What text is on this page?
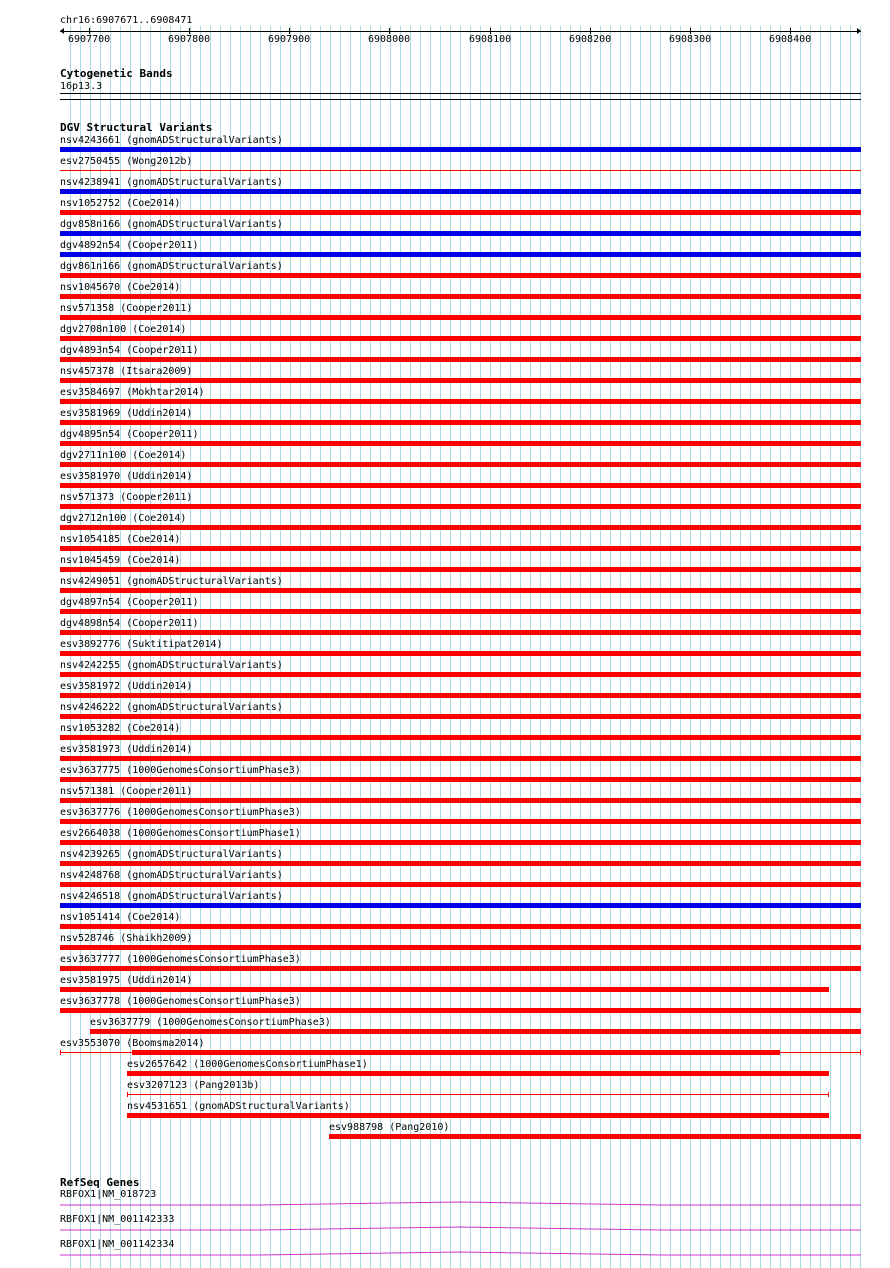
chr16:6907671..6908471
6907700	6907800	6907900	6908000	6908100	6908200	6908300	6908400
Cytogenetic Bands
16p13.3
DGV Structural Variants
nsv4243661 (gnomADStructuralVariants)
esv2750455 (Wong2012b)
nsv4238941 (gnomADStructuralVariants)
nsv1052752 (Coe2014)
dgv858n166 (gnomADStructuralVariants)
dgv4892n54 (Cooper2011)
dgv861n166 (gnomADStructuralVariants)
nsv1045670 (Coe2014)
nsv571358 (Cooper2011)
dgv2708n100 (Coe2014)
dgv4893n54 (Cooper2011)
nsv457378 (Itsara2009)
esv3584697 (Mokhtar2014)
esv3581969 (Uddin2014)
dgv4895n54 (Cooper2011)
dgv2711n100 (Coe2014)
esv3581970 (Uddin2014)
nsv571373 (Cooper2011)
dgv2712n100 (Coe2014)
nsv1054185 (Coe2014)
nsv1045459 (Coe2014)
nsv4249051 (gnomADStructuralVariants)
dgv4897n54 (Cooper2011)
dgv4898n54 (Cooper2011)
esv3892776 (Suktitipat2014)
nsv4242255 (gnomADStructuralVariants)
esv3581972 (Uddin2014)
nsv4246222 (gnomADStructuralVariants)
nsv1053282 (Coe2014)
esv3581973 (Uddin2014)
esv3637775 (1000GenomesConsortiumPhase3)
nsv571381 (Cooper2011)
esv3637776 (1000GenomesConsortiumPhase3)
esv2664038 (1000GenomesConsortiumPhase1)
nsv4239265 (gnomADStructuralVariants)
nsv4248768 (gnomADStructuralVariants)
nsv4246518 (gnomADStructuralVariants)
nsv1051414 (Coe2014)
nsv528746 (Shaikh2009)
esv3637777 (1000GenomesConsortiumPhase3)
esv3581975 (Uddin2014)
esv3637778 (1000GenomesConsortiumPhase3)
esv3637779 (1000GenomesConsortiumPhase3)
esv3553070 (Boomsma2014)
esv2657642 (1000GenomesConsortiumPhase1)
esv3207123 (Pang2013b)
nsv4531651 (gnomADStructuralVariants)
esv988798 (Pang2010)
RefSeq Genes
RBFOX1|NM_018723
RBFOX1|NM_001142333
RBFOX1|NM_001142334
